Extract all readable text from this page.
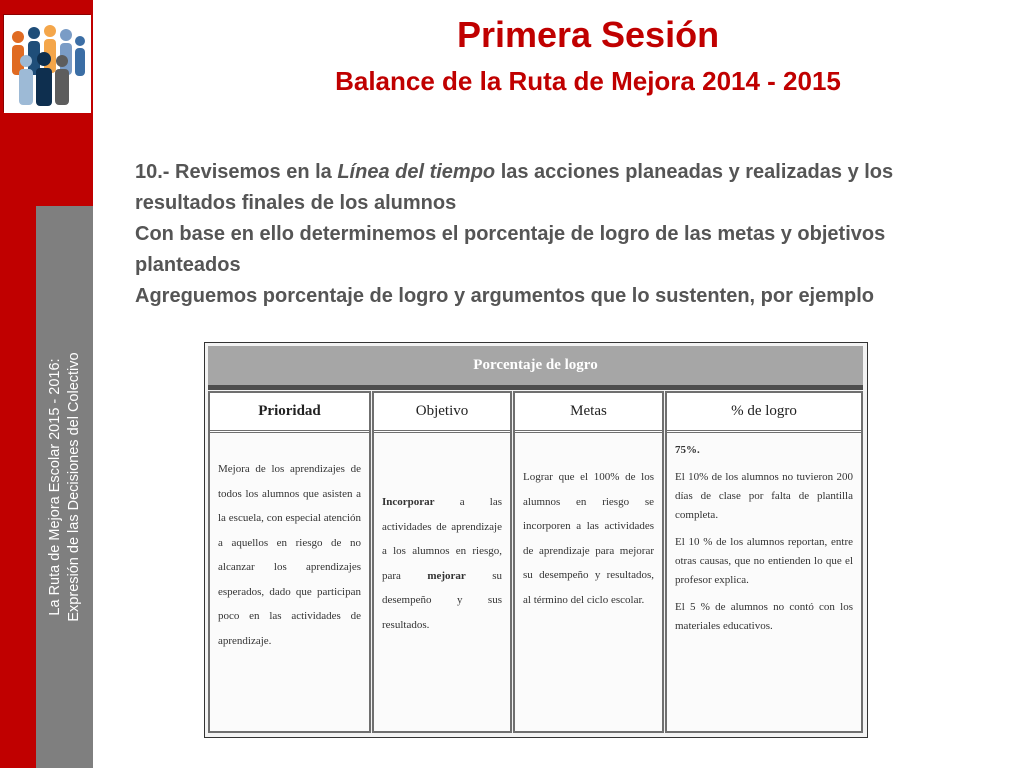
La Ruta de Mejora Escolar 2015 - 2016: Expresión de las Decisiones del Colectivo
Primera Sesión
Balance de la Ruta de Mejora 2014 - 2015

10.- Revisemos en la Línea del tiempo las acciones planeadas y realizadas y los resultados finales de los alumnos

Con base en ello determinemos el porcentaje de logro de las metas y objetivos planteados

Agreguemos porcentaje de logro y argumentos que lo sustenten, por ejemplo

Porcentaje de logro
Prioridad
Mejora de los aprendizajes de todos los alumnos que asisten a la escuela, con especial atención a aquellos en riesgo de no alcanzar los aprendizajes esperados, dado que participan poco en las actividades de aprendizaje.
Objetivo
Incorporar a las actividades de aprendizaje a los alumnos en riesgo, para mejorar su desempeño y sus resultados.
Metas
Lograr que el 100% de los alumnos en riesgo se incorporen a las actividades de aprendizaje para mejorar su desempeño y resultados, al término del ciclo escolar.
% de logro

75%.

El 10% de los alumnos no tuvieron 200 días de clase por falta de plantilla completa.

El 10 % de los alumnos reportan, entre otras causas, que no entienden lo que el profesor explica.

El 5 % de alumnos no contó con los materiales educativos.
